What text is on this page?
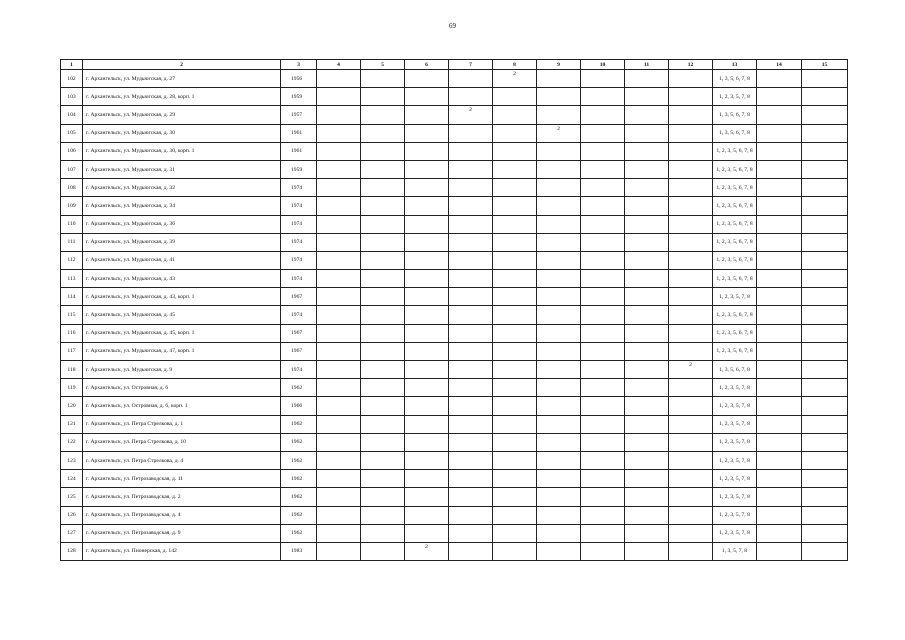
69
1	2	3	4	5	6	7	8	9	10	11	12	13	14	15
102	г. Архангельск, ул. Мудьюгская, д. 27	1956					2					1, 3, 5, 6, 7, 8		
103	г. Архангельск, ул. Мудьюгская, д. 28, корп. 1	1959										1, 2, 3, 5, 7, 8		
104	г. Архангельск, ул. Мудьюгская, д. 29	1957				2						1, 3, 5, 6, 7, 8		
105	г. Архангельск, ул. Мудьюгская, д. 30	1961						2				1, 3, 5, 6, 7, 8		
106	г. Архангельск, ул. Мудьюгская, д. 30, корп. 1	1961										1, 2, 3, 5, 6, 7, 8		
107	г. Архангельск, ул. Мудьюгская, д. 31	1959										1, 2, 3, 5, 6, 7, 8		
108	г. Архангельск, ул. Мудьюгская, д. 32	1974										1, 2, 3, 5, 6, 7, 8		
109	г. Архангельск, ул. Мудьюгская, д. 34	1974										1, 2, 3, 5, 6, 7, 8		
110	г. Архангельск, ул. Мудьюгская, д. 36	1974										1, 2, 3, 5, 6, 7, 8		
111	г. Архангельск, ул. Мудьюгская, д. 39	1974										1, 2, 3, 5, 6, 7, 8		
112	г. Архангельск, ул. Мудьюгская, д. 41	1974										1, 2, 3, 5, 6, 7, 8		
113	г. Архангельск, ул. Мудьюгская, д. 43	1974										1, 2, 3, 5, 6, 7, 8		
114	г. Архангельск, ул. Мудьюгская, д. 43, корп. 1	1967										1, 2, 3, 5, 7, 8		
115	г. Архангельск, ул. Мудьюгская, д. 45	1974										1, 2, 3, 5, 6, 7, 8		
116	г. Архангельск, ул. Мудьюгская, д. 45, корп. 1	1967										1, 2, 3, 5, 6, 7, 8		
117	г. Архангельск, ул. Мудьюгская, д. 47, корп. 1	1967										1, 2, 3, 5, 6, 7, 8		
118	г. Архангельск, ул. Мудьюгская, д. 9	1974									2	1, 3, 5, 6, 7, 8		
119	г. Архангельск, ул. Островная, д. 6	1962										1, 2, 3, 5, 7, 8		
120	г. Архангельск, ул. Островная, д. 6, корп. 1	1966										1, 2, 3, 5, 7, 8		
121	г. Архангельск, ул. Петра Стрелкова, д. 1	1962										1, 2, 3, 5, 7, 8		
122	г. Архангельск, ул. Петра Стрелкова, д. 10	1962										1, 2, 3, 5, 7, 8		
123	г. Архангельск, ул. Петра Стрелкова, д. 4	1962										1, 2, 3, 5, 7, 8		
124	г. Архангельск, ул. Петрозаводская, д. 11	1962										1, 2, 3, 5, 7, 8		
125	г. Архангельск, ул. Петрозаводская, д. 2	1962										1, 2, 3, 5, 7, 8		
126	г. Архангельск, ул. Петрозаводская, д. 4	1962										1, 2, 3, 5, 7, 8		
127	г. Архангельск, ул. Петрозаводская, д. 9	1962										1, 2, 3, 5, 7, 8		
128	г. Архангельск, ул. Пионерская, д. 142	1983			2							1, 3, 5, 7, 8		
